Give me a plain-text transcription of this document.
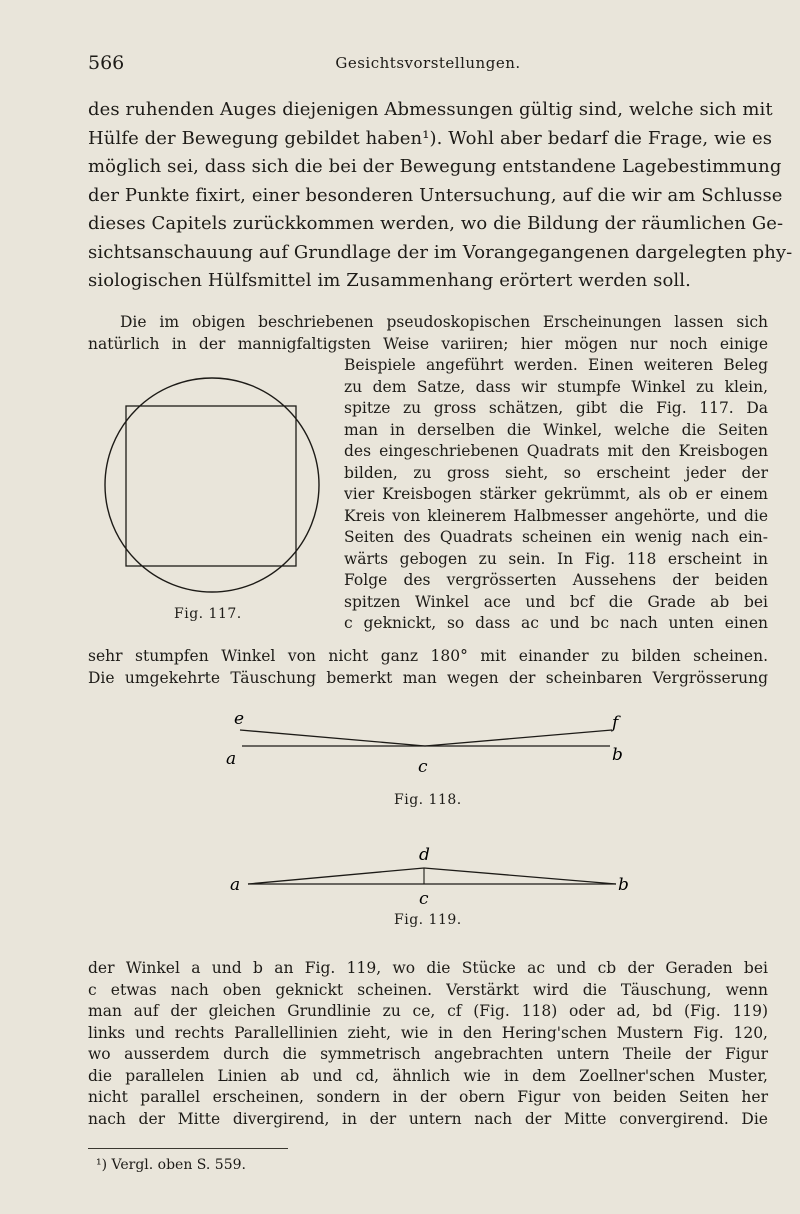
566	Gesichtsvorstellungen.
des ruhenden Auges diejenigen Abmessungen gültig sind, welche sich mit
Hülfe der Bewegung gebildet haben¹). Wohl aber bedarf die Frage, wie es
möglich sei, dass sich die bei der Bewegung entstandene Lagebestimmung
der Punkte fixirt, einer besonderen Untersuchung, auf die wir am Schlusse
dieses Capitels zurückkommen werden, wo die Bildung der räumlichen Ge-
sichtsanschauung auf Grundlage der im Vorangegangenen dargelegten phy-
siologischen Hülfsmittel im Zusammenhang erörtert werden soll.
Die im obigen beschriebenen pseudoskopischen Erscheinungen lassen sich
natürlich in der mannigfaltigsten Weise variiren; hier mögen nur noch einige
Fig. 117.
Beispiele angeführt werden. Einen weiteren Beleg
zu dem Satze, dass wir stumpfe Winkel zu klein,
spitze zu gross schätzen, gibt die Fig. 117. Da
man in derselben die Winkel, welche die Seiten
des eingeschriebenen Quadrats mit den Kreisbogen
bilden, zu gross sieht, so erscheint jeder der
vier Kreisbogen stärker gekrümmt, als ob er einem
Kreis von kleinerem Halbmesser angehörte, und die
Seiten des Quadrats scheinen ein wenig nach ein-
wärts gebogen zu sein. In Fig. 118 erscheint in
Folge des vergrösserten Aussehens der beiden
spitzen Winkel ace und bcf die Grade ab bei
c geknickt, so dass ac und bc nach unten einen
sehr stumpfen Winkel von nicht ganz 180° mit einander zu bilden scheinen.
Die umgekehrte Täuschung bemerkt man wegen der scheinbaren Vergrösserung
e	f
a	b
c
Fig. 118.
d
a	b
c
Fig. 119.
der Winkel a und b an Fig. 119, wo die Stücke ac und cb der Geraden bei
c etwas nach oben geknickt scheinen. Verstärkt wird die Täuschung, wenn
man auf der gleichen Grundlinie zu ce, cf (Fig. 118) oder ad, bd (Fig. 119)
links und rechts Parallellinien zieht, wie in den Hering'schen Mustern Fig. 120,
wo ausserdem durch die symmetrisch angebrachten untern Theile der Figur
die parallelen Linien ab und cd, ähnlich wie in dem Zoellner'schen Muster,
nicht parallel erscheinen, sondern in der obern Figur von beiden Seiten her
nach der Mitte divergirend, in der untern nach der Mitte convergirend. Die
¹) Vergl. oben S. 559.
